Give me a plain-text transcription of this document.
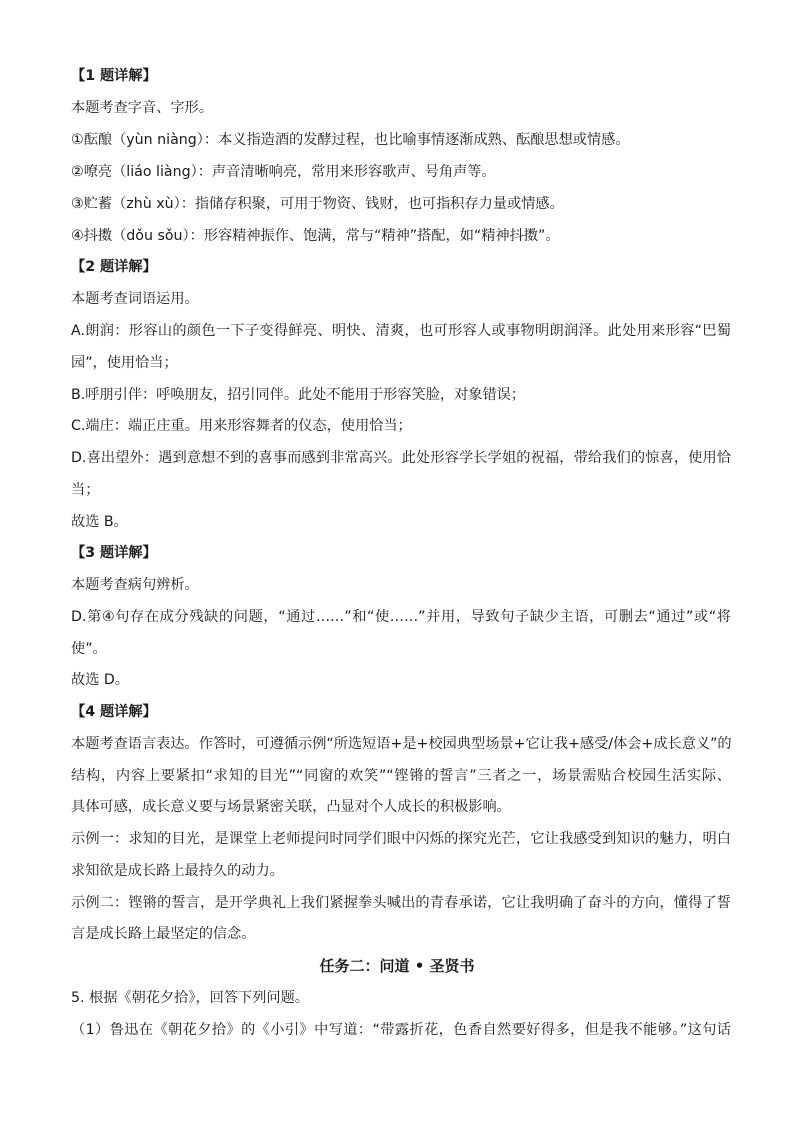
【1 题详解】
本题考查字音、字形。
①酝酿（yùn niàng）：本义指造酒的发酵过程，也比喻事情逐渐成熟、酝酿思想或情感。
②嘹亮（liáo liàng）：声音清晰响亮，常用来形容歌声、号角声等。
③贮蓄（zhù xù）：指储存积聚，可用于物资、钱财，也可指积存力量或情感。
④抖擞（dǒu sǒu）：形容精神振作、饱满，常与“精神”搭配，如“精神抖擞”。
【2 题详解】
本题考查词语运用。
A.朗润：形容山的颜色一下子变得鲜亮、明快、清爽，也可形容人或事物明朗润泽。此处用来形容“巴蜀
园”，使用恰当；
B.呼朋引伴：呼唤朋友，招引同伴。此处不能用于形容笑脸，对象错误；
C.端庄：端正庄重。用来形容舞者的仪态，使用恰当；
D.喜出望外：遇到意想不到的喜事而感到非常高兴。此处形容学长学姐的祝福，带给我们的惊喜，使用恰
当；
故选 B。
【3 题详解】
本题考查病句辨析。
D.第④句存在成分残缺的问题，“通过……”和“使……”并用，导致句子缺少主语，可删去“通过”或“将
使”。
故选 D。
【4 题详解】
本题考查语言表达。作答时，可遵循示例“所选短语+是+校园典型场景+它让我+感受/体会+成长意义”的
结构，内容上要紧扣“求知的目光”“同窗的欢笑”“铿锵的誓言”三者之一，场景需贴合校园生活实际、
具体可感，成长意义要与场景紧密关联，凸显对个人成长的积极影响。
示例一：求知的目光，是课堂上老师提问时同学们眼中闪烁的探究光芒，它让我感受到知识的魅力，明白
求知欲是成长路上最持久的动力。
示例二：铿锵的誓言，是开学典礼上我们紧握拳头喊出的青春承诺，它让我明确了奋斗的方向，懂得了誓
言是成长路上最坚定的信念。
任务二：问道 • 圣贤书
5. 根据《朝花夕拾》，回答下列问题。
（1）鲁迅在《朝花夕拾》的《小引》中写道：“带露折花，色香自然要好得多，但是我不能够。”这句话
